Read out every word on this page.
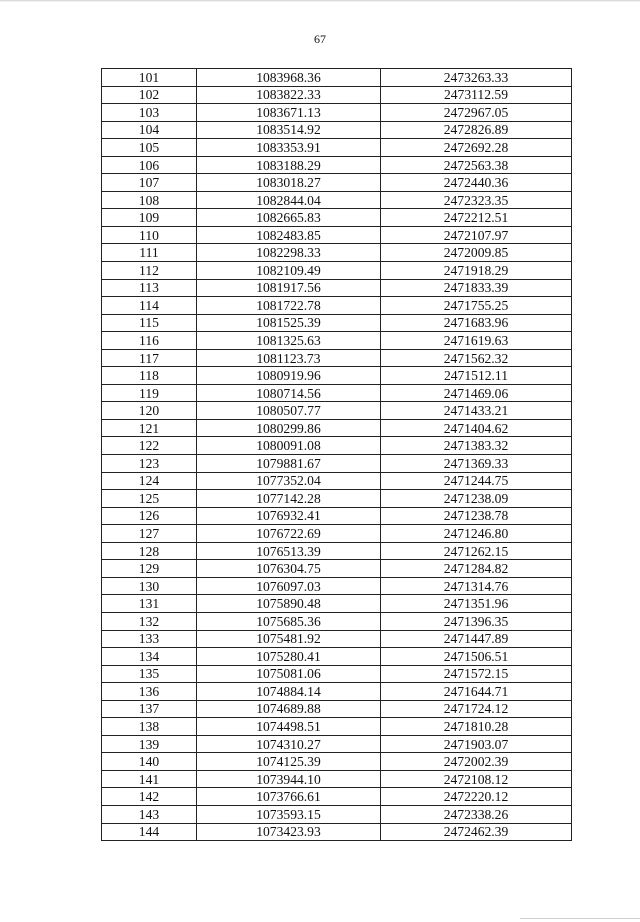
67
101	1083968.36	2473263.33
102	1083822.33	2473112.59
103	1083671.13	2472967.05
104	1083514.92	2472826.89
105	1083353.91	2472692.28
106	1083188.29	2472563.38
107	1083018.27	2472440.36
108	1082844.04	2472323.35
109	1082665.83	2472212.51
110	1082483.85	2472107.97
111	1082298.33	2472009.85
112	1082109.49	2471918.29
113	1081917.56	2471833.39
114	1081722.78	2471755.25
115	1081525.39	2471683.96
116	1081325.63	2471619.63
117	1081123.73	2471562.32
118	1080919.96	2471512.11
119	1080714.56	2471469.06
120	1080507.77	2471433.21
121	1080299.86	2471404.62
122	1080091.08	2471383.32
123	1079881.67	2471369.33
124	1077352.04	2471244.75
125	1077142.28	2471238.09
126	1076932.41	2471238.78
127	1076722.69	2471246.80
128	1076513.39	2471262.15
129	1076304.75	2471284.82
130	1076097.03	2471314.76
131	1075890.48	2471351.96
132	1075685.36	2471396.35
133	1075481.92	2471447.89
134	1075280.41	2471506.51
135	1075081.06	2471572.15
136	1074884.14	2471644.71
137	1074689.88	2471724.12
138	1074498.51	2471810.28
139	1074310.27	2471903.07
140	1074125.39	2472002.39
141	1073944.10	2472108.12
142	1073766.61	2472220.12
143	1073593.15	2472338.26
144	1073423.93	2472462.39
